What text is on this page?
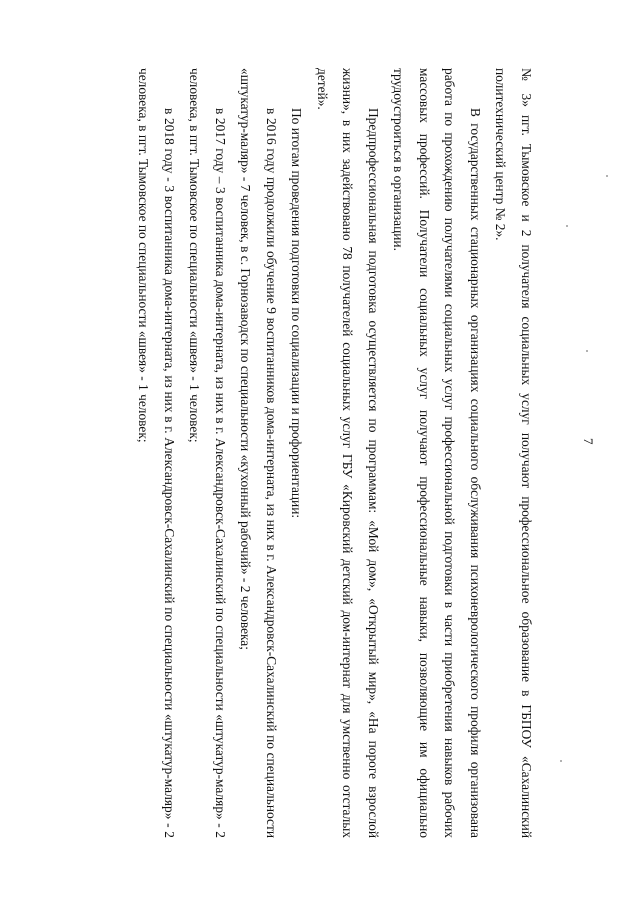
7

№ 3» пгт. Тымовское и 2 получателя социальных услуг получают профессиональное образование в ГБПОУ «Сахалинский политехнический центр № 2».

В государственных стационарных организациях социального обслуживания психоневрологического профиля организована работа по прохождению получателями социальных услуг профессиональной подготовки в части приобретения навыков рабочих массовых профессий. Получатели социальных услуг получают профессиональные навыки, позволяющие им официально трудоустроиться в организации.

Предпрофессиональная подготовка осуществляется по программам: «Мой дом», «Открытый мир», «На пороге взрослой жизни», в них задействовано 78 получателей социальных услуг ГБУ «Кировский детский дом-интернат для умственно отсталых детей».

По итогам проведения подготовки по социализации и профориентации:

в 2016 году продолжили обучение 9 воспитанников дома-интерната, из них в г. Александровск-Сахалинский по специальности «штукатур-маляр» - 7 человек, в с. Горнозаводск по специальности «кухонный рабочий» - 2 человека;

в 2017 году – 3 воспитанника дома-интерната, из них в г. Александровск-Сахалинский по специальности «штукатур-маляр» - 2 человека, в пгт. Тымовское по специальности «швея» - 1 человек;

в 2018 году - 3 воспитанника дома-интерната, из них в г. Александровск-Сахалинский по специальности «штукатур-маляр» - 2 человека, в пгт. Тымовское по специальности «швея» - 1 человек;
